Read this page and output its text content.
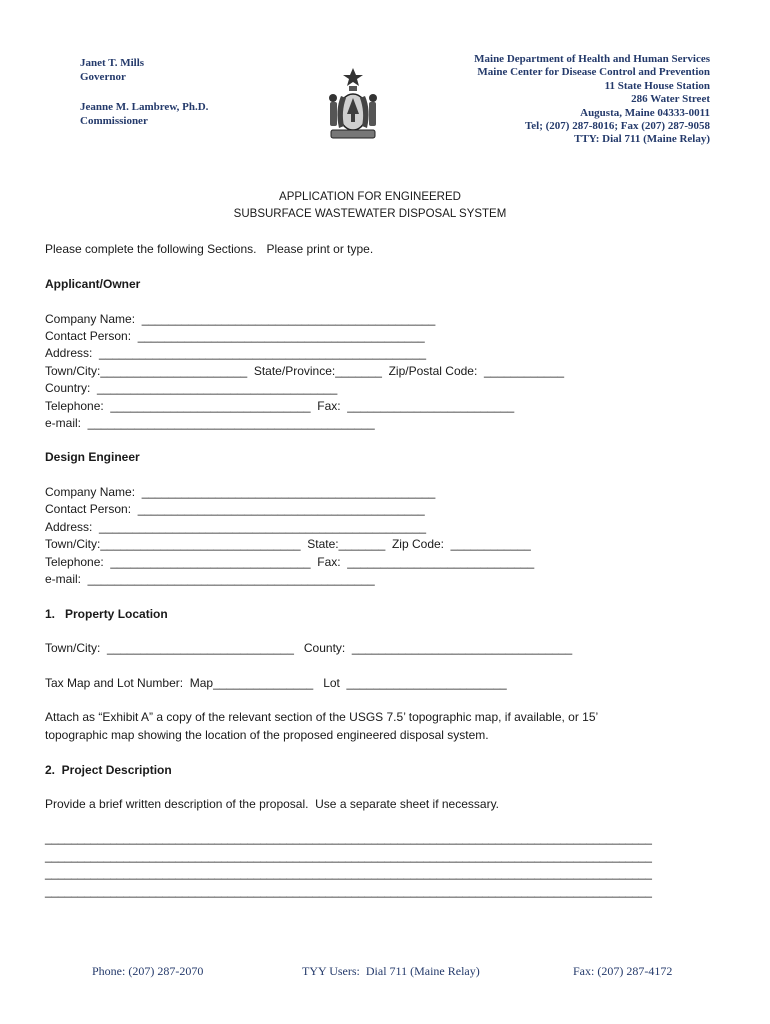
Janet T. Mills
Governor
Jeanne M. Lambrew, Ph.D.
Commissioner

Maine Department of Health and Human Services
Maine Center for Disease Control and Prevention
11 State House Station
286 Water Street
Augusta, Maine 04333-0011
Tel; (207) 287-8016; Fax (207) 287-9058
TTY: Dial 711 (Maine Relay)
APPLICATION FOR ENGINEERED
SUBSURFACE WASTEWATER DISPOSAL SYSTEM
Please complete the following Sections.   Please print or type.
Applicant/Owner
Company Name:  ____________________________________________
Contact Person:  ___________________________________________
Address:  _________________________________________________
Town/City:______________________  State/Province:_______  Zip/Postal Code:  ____________
Country:  ____________________________________
Telephone:  ______________________________  Fax:  _________________________
e-mail:  ___________________________________________
Design Engineer
Company Name:  ____________________________________________
Contact Person:  ___________________________________________
Address:  _________________________________________________
Town/City:______________________________  State:_______  Zip Code:  ____________
Telephone:  ______________________________  Fax:  ____________________________
e-mail:  ___________________________________________
1.   Property Location
Town/City:  ____________________________   County:  _________________________________
Tax Map and Lot Number:  Map_______________   Lot  ________________________
Attach as “Exhibit A” a copy of the relevant section of the USGS 7.5’ topographic map, if available, or 15’
topographic map showing the location of the proposed engineered disposal system.
2.  Project Description
Provide a brief written description of the proposal.  Use a separate sheet if necessary.
_____________________________________________________________________________________________
_____________________________________________________________________________________________
_____________________________________________________________________________________________
_____________________________________________________________________________________________
Phone: (207) 287-2070	TYY Users:  Dial 711 (Maine Relay)	Fax: (207) 287-4172
